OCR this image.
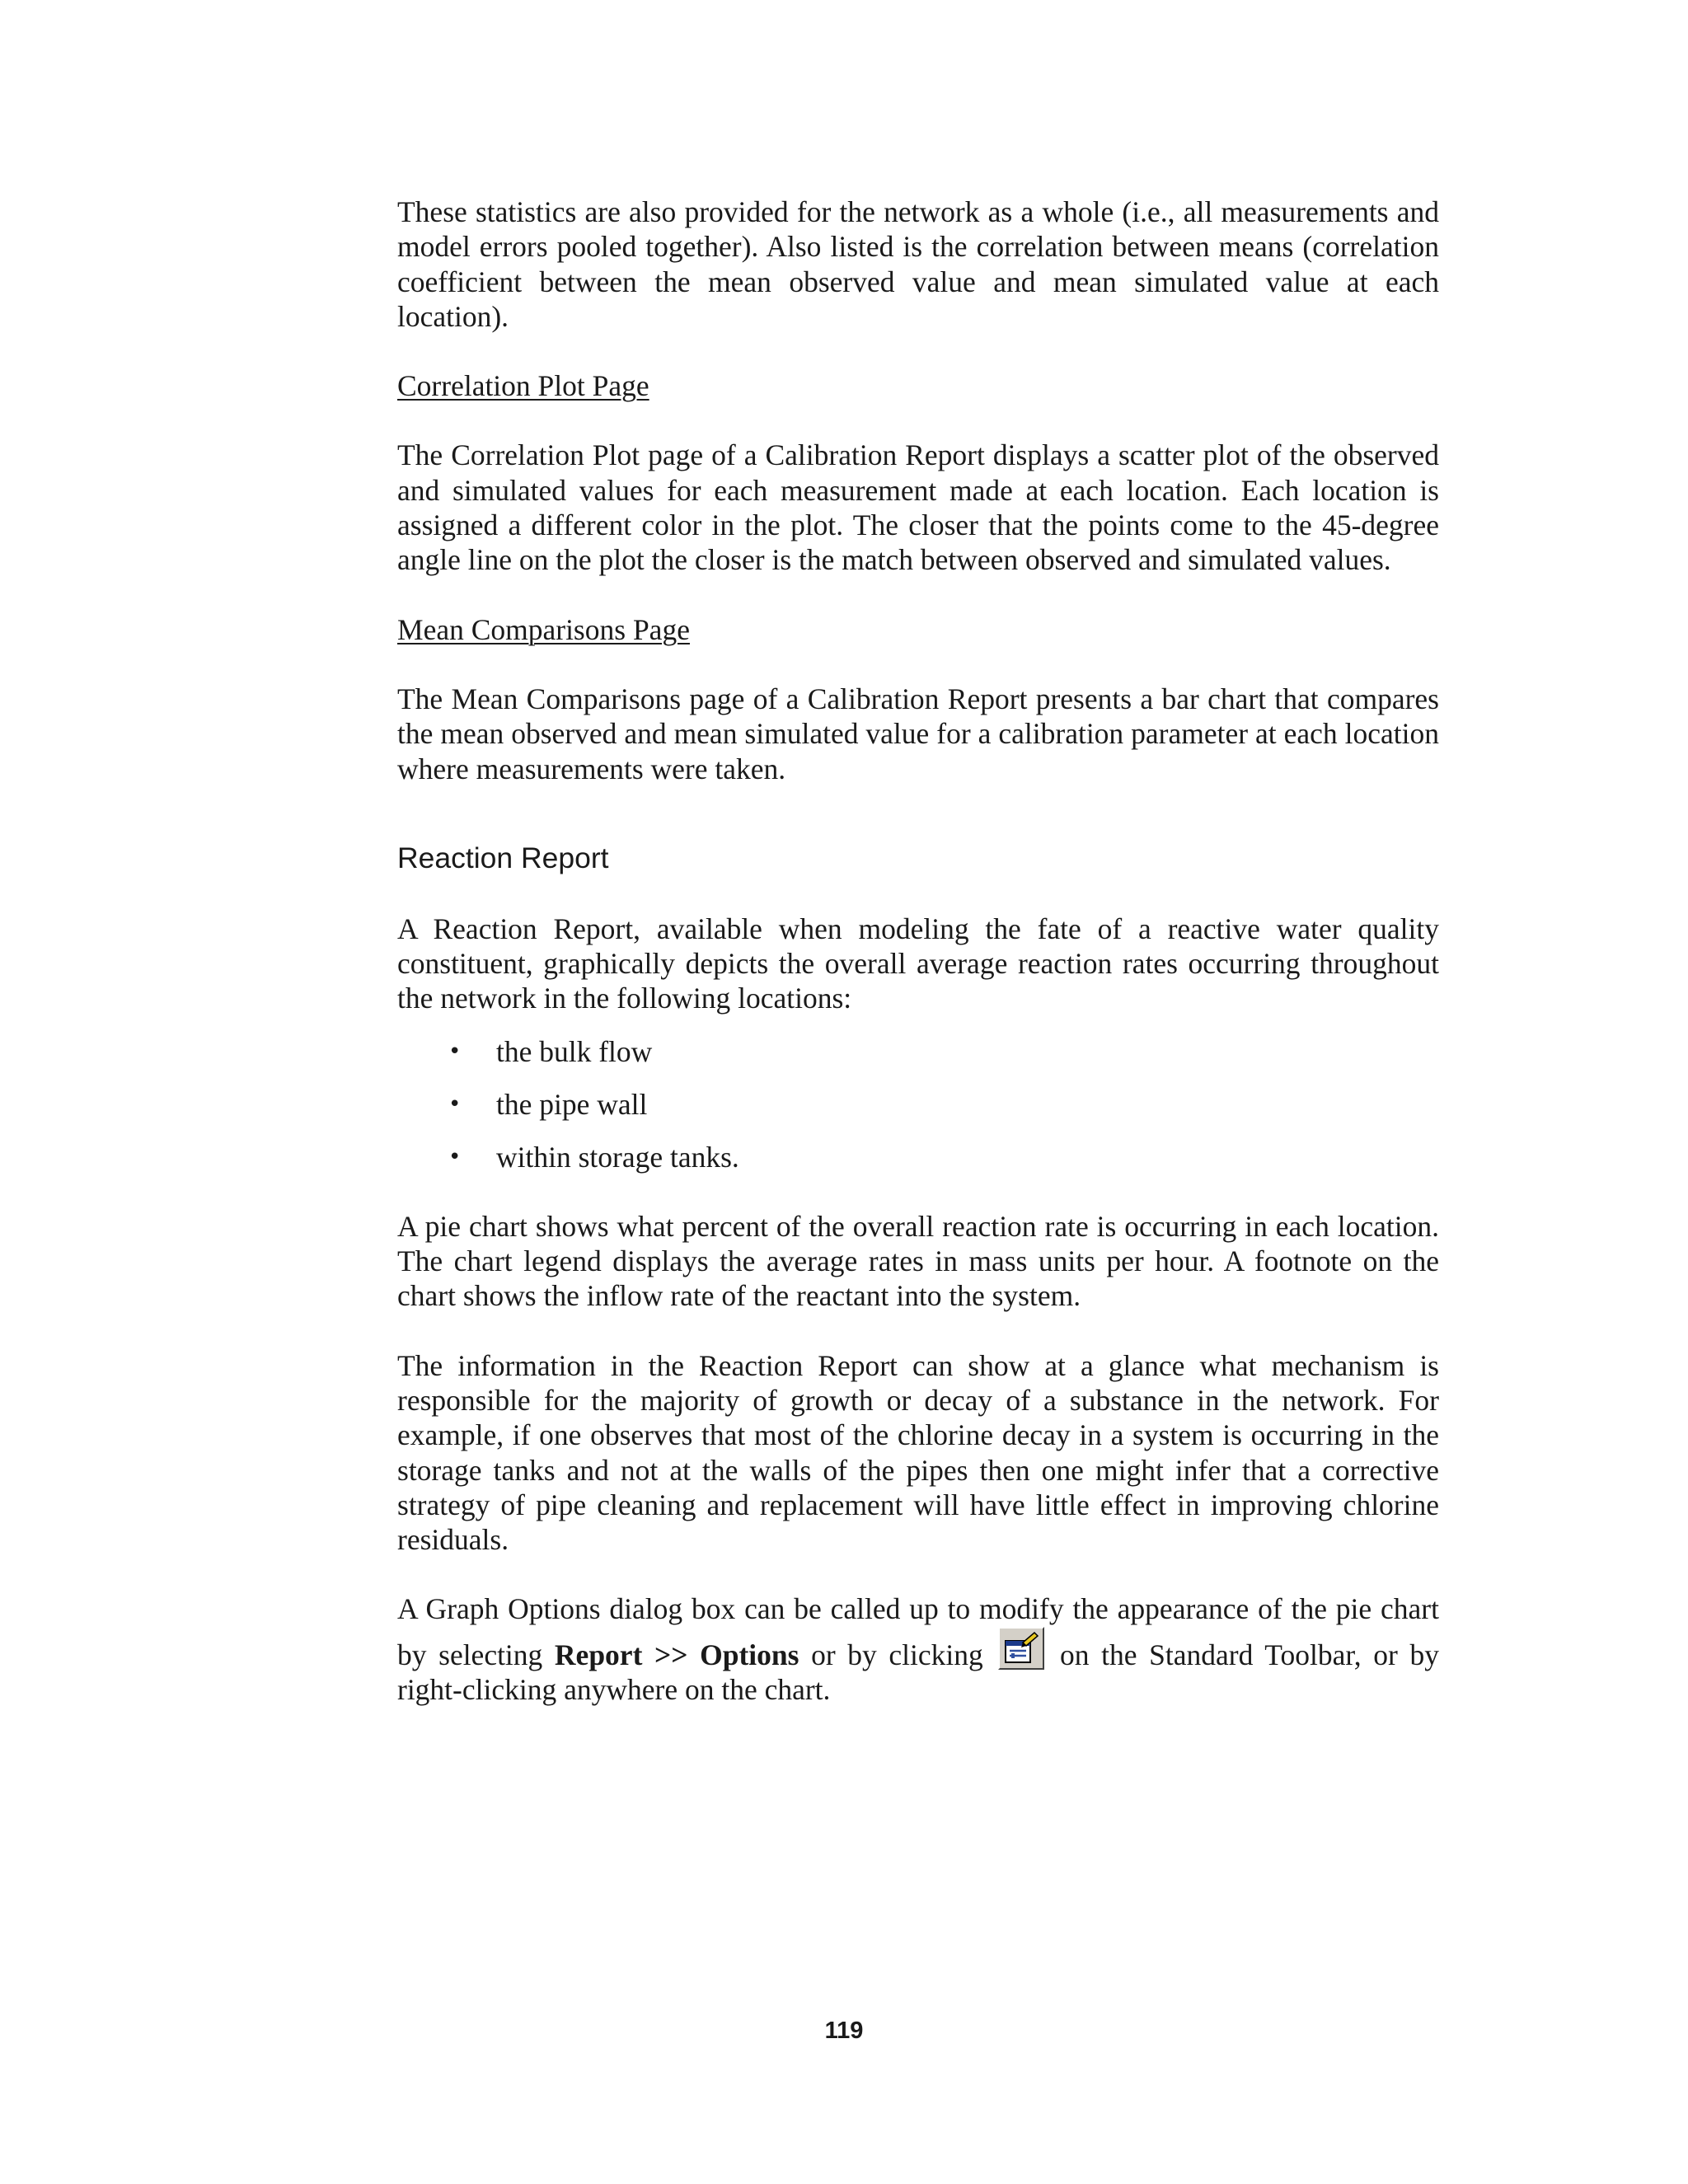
These statistics are also provided for the network as a whole (i.e., all measurements and model errors pooled together). Also listed is the correlation between means (correlation coefficient between the mean observed value and mean simulated value at each location).

Correlation Plot Page

The Correlation Plot page of a Calibration Report displays a scatter plot of the observed and simulated values for each measurement made at each location. Each location is assigned a different color in the plot. The closer that the points come to the 45-degree angle line on the plot the closer is the match between observed and simulated values.

Mean Comparisons Page

The Mean Comparisons page of a Calibration Report presents a bar chart that compares the mean observed and mean simulated value for a calibration parameter at each location where measurements were taken.

Reaction Report

A Reaction Report, available when modeling the fate of a reactive water quality constituent, graphically depicts the overall average reaction rates occurring throughout the network in the following locations:

• the bulk flow
• the pipe wall
• within storage tanks.

A pie chart shows what percent of the overall reaction rate is occurring in each location. The chart legend displays the average rates in mass units per hour. A footnote on the chart shows the inflow rate of the reactant into the system.

The information in the Reaction Report can show at a glance what mechanism is responsible for the majority of growth or decay of a substance in the network. For example, if one observes that most of the chlorine decay in a system is occurring in the storage tanks and not at the walls of the pipes then one might infer that a corrective strategy of pipe cleaning and replacement will have little effect in improving chlorine residuals.

A Graph Options dialog box can be called up to modify the appearance of the pie chart by selecting Report >> Options or by clicking
on the Standard Toolbar, or by right-clicking anywhere on the chart.

119
